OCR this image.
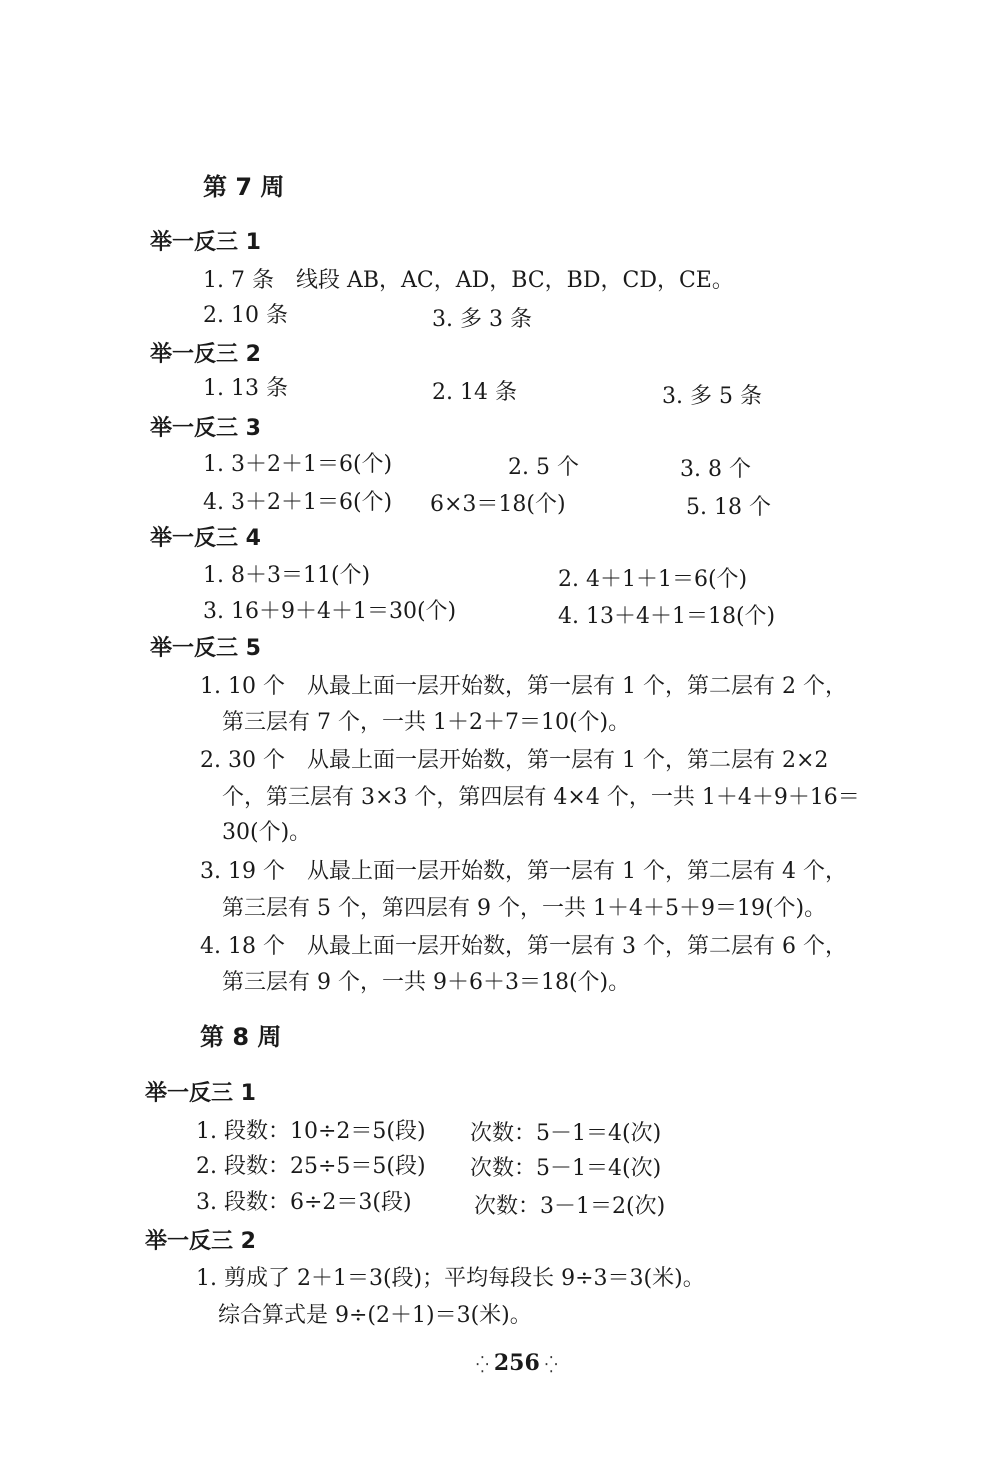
第 7 周
举一反三 1
1. 7 条　线段 AB，AC，AD，BC，BD，CD，CE。
2. 10 条	3. 多 3 条
举一反三 2
1. 13 条	2. 14 条	3. 多 5 条
举一反三 3
1. 3＋2＋1＝6(个)	2. 5 个	3. 8 个
4. 3＋2＋1＝6(个) 6×3＝18(个)	5. 18 个
举一反三 4
1. 8＋3＝11(个)	2. 4＋1＋1＝6(个)
3. 16＋9＋4＋1＝30(个)	4. 13＋4＋1＝18(个)
举一反三 5
1. 10 个　从最上面一层开始数，第一层有 1 个，第二层有 2 个，
第三层有 7 个，一共 1＋2＋7＝10(个)。
2. 30 个　从最上面一层开始数，第一层有 1 个，第二层有 2×2
个，第三层有 3×3 个，第四层有 4×4 个，一共 1＋4＋9＋16＝
30(个)。
3. 19 个　从最上面一层开始数，第一层有 1 个，第二层有 4 个，
第三层有 5 个，第四层有 9 个，一共 1＋4＋5＋9＝19(个)。
4. 18 个　从最上面一层开始数，第一层有 3 个，第二层有 6 个，
第三层有 9 个，一共 9＋6＋3＝18(个)。
第 8 周
举一反三 1
1. 段数：10÷2＝5(段) 次数：5－1＝4(次)
2. 段数：25÷5＝5(段) 次数：5－1＝4(次)
3. 段数：6÷2＝3(段)	次数：3－1＝2(次)
举一反三 2
1. 剪成了 2＋1＝3(段)；平均每段长 9÷3＝3(米)。
综合算式是 9÷(2＋1)＝3(米)。
⁛ 256 ⁛
